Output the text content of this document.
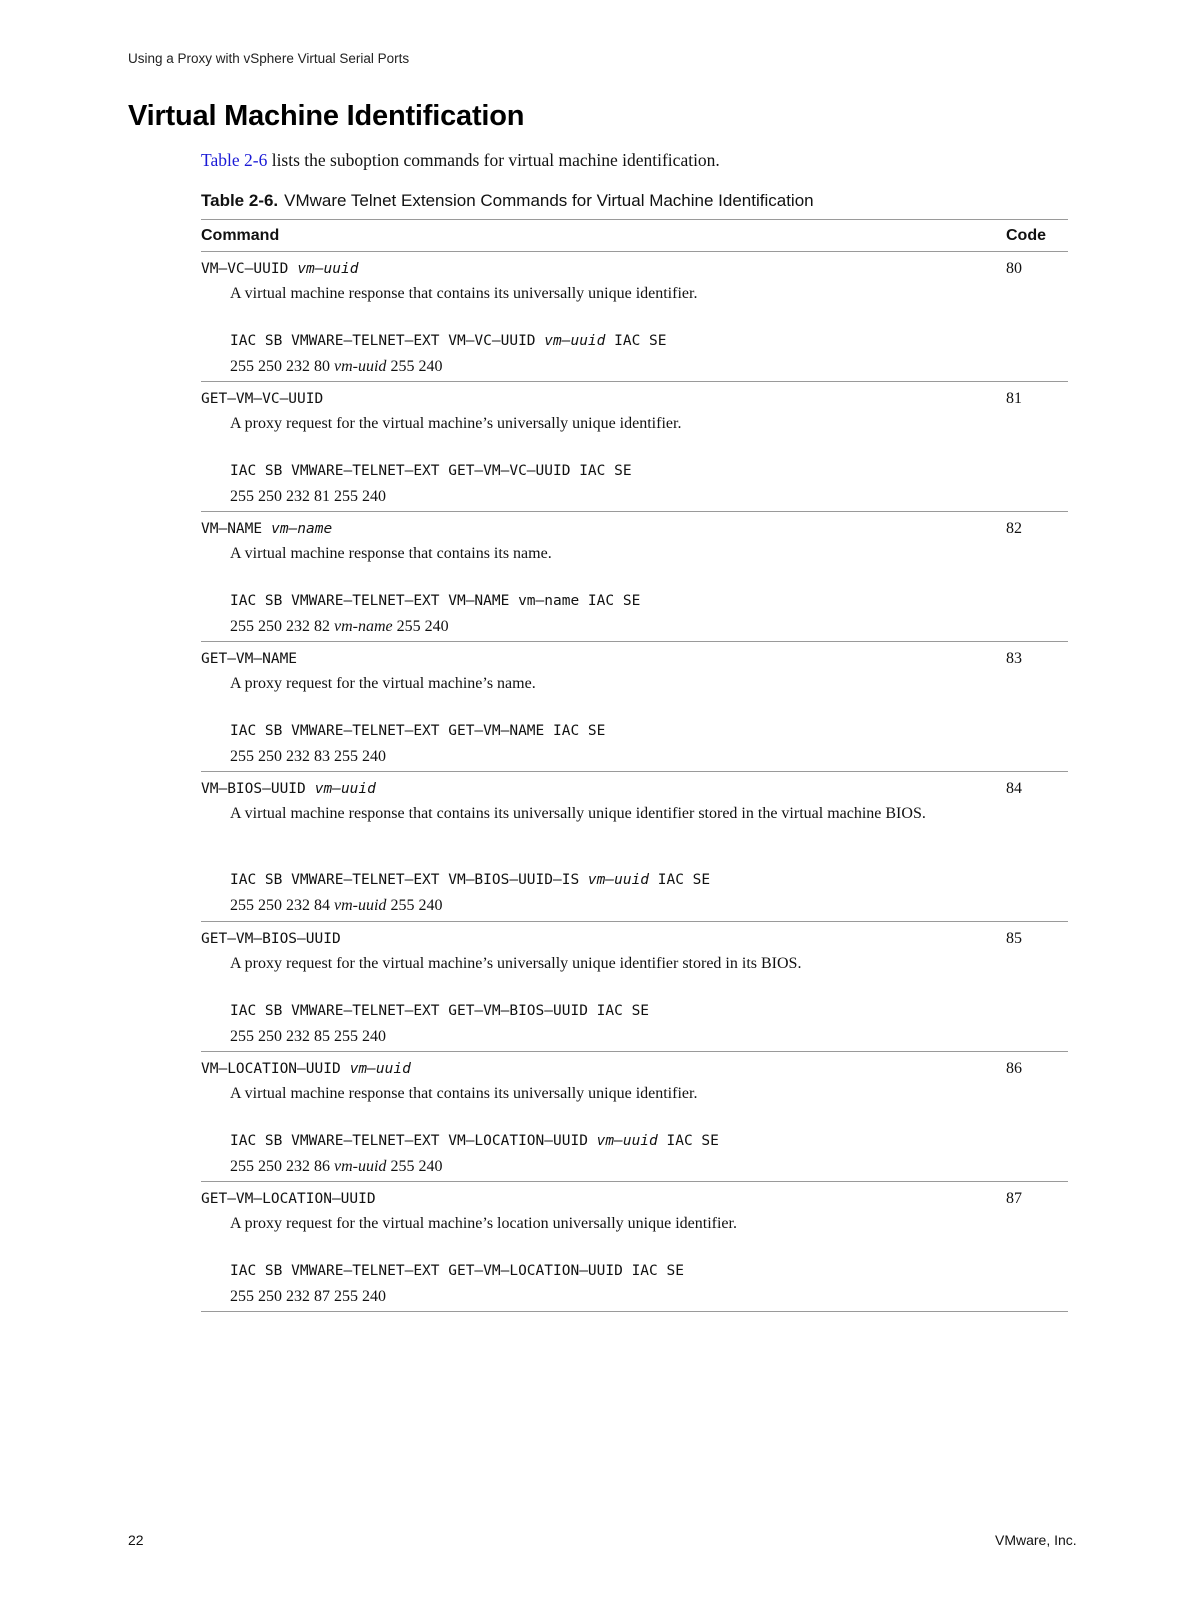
Using a Proxy with vSphere Virtual Serial Ports
Virtual Machine Identification

Table 2-6 lists the suboption commands for virtual machine identification.

Table 2-6. VMware Telnet Extension Commands for Virtual Machine Identification
Command	Code
VM–VC–UUID vm–uuid	80

A virtual machine response that contains its universally unique identifier.

IAC SB VMWARE–TELNET–EXT VM–VC–UUID vm–uuid IAC SE
255 250 232 80 vm-uuid 255 240
GET–VM–VC–UUID	81

A proxy request for the virtual machine’s universally unique identifier.

IAC SB VMWARE–TELNET–EXT GET–VM–VC–UUID IAC SE
255 250 232 81 255 240
VM–NAME vm–name	82

A virtual machine response that contains its name.

IAC SB VMWARE–TELNET–EXT VM–NAME vm–name IAC SE
255 250 232 82 vm-name 255 240
GET–VM–NAME	83

A proxy request for the virtual machine’s name.

IAC SB VMWARE–TELNET–EXT GET–VM–NAME IAC SE
255 250 232 83 255 240
VM–BIOS–UUID vm–uuid	84

A virtual machine response that contains its universally unique identifier stored in the virtual machine BIOS.

IAC SB VMWARE–TELNET–EXT VM–BIOS–UUID–IS vm–uuid IAC SE
255 250 232 84 vm-uuid 255 240
GET–VM–BIOS–UUID	85

A proxy request for the virtual machine’s universally unique identifier stored in its BIOS.

IAC SB VMWARE–TELNET–EXT GET–VM–BIOS–UUID IAC SE
255 250 232 85 255 240
VM–LOCATION–UUID vm–uuid	86

A virtual machine response that contains its universally unique identifier.

IAC SB VMWARE–TELNET–EXT VM–LOCATION–UUID vm–uuid IAC SE
255 250 232 86 vm-uuid 255 240
GET–VM–LOCATION–UUID	87

A proxy request for the virtual machine’s location universally unique identifier.

IAC SB VMWARE–TELNET–EXT GET–VM–LOCATION–UUID IAC SE
255 250 232 87 255 240
22	VMware, Inc.
